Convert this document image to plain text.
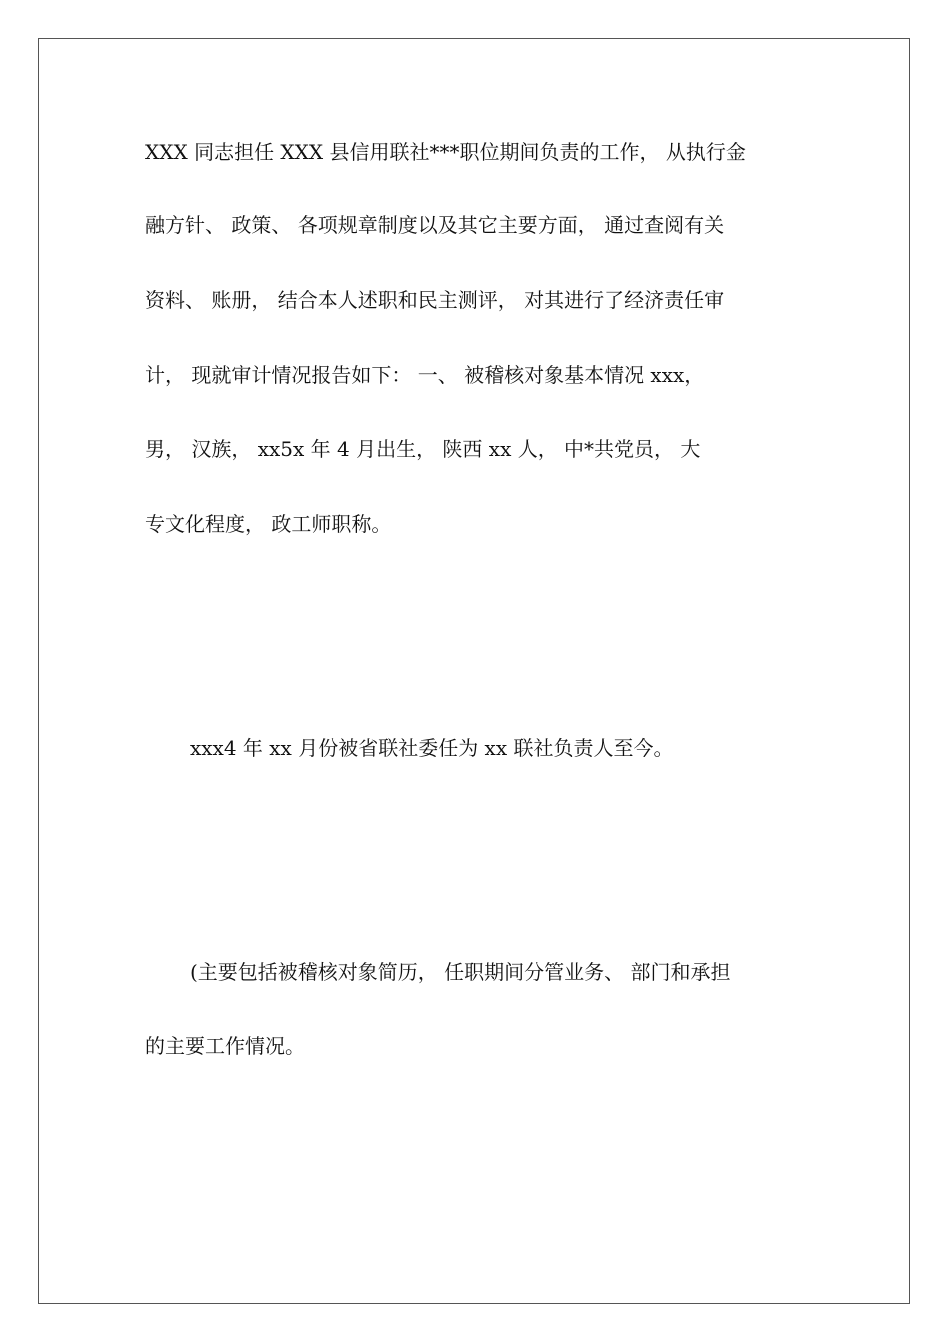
XXX 同志担任 XXX 县信用联社***职位期间负责的工作， 从执行金
融方针、 政策、 各项规章制度以及其它主要方面， 通过查阅有关
资料、 账册， 结合本人述职和民主测评， 对其进行了经济责任审
计， 现就审计情况报告如下： 一、 被稽核对象基本情况 xxx，
男， 汉族， xx5x 年 4 月出生， 陕西 xx 人， 中*共党员， 大
专文化程度， 政工师职称。
xxx4 年 xx 月份被省联社委任为 xx 联社负责人至今。
(主要包括被稽核对象简历， 任职期间分管业务、 部门和承担
的主要工作情况。
